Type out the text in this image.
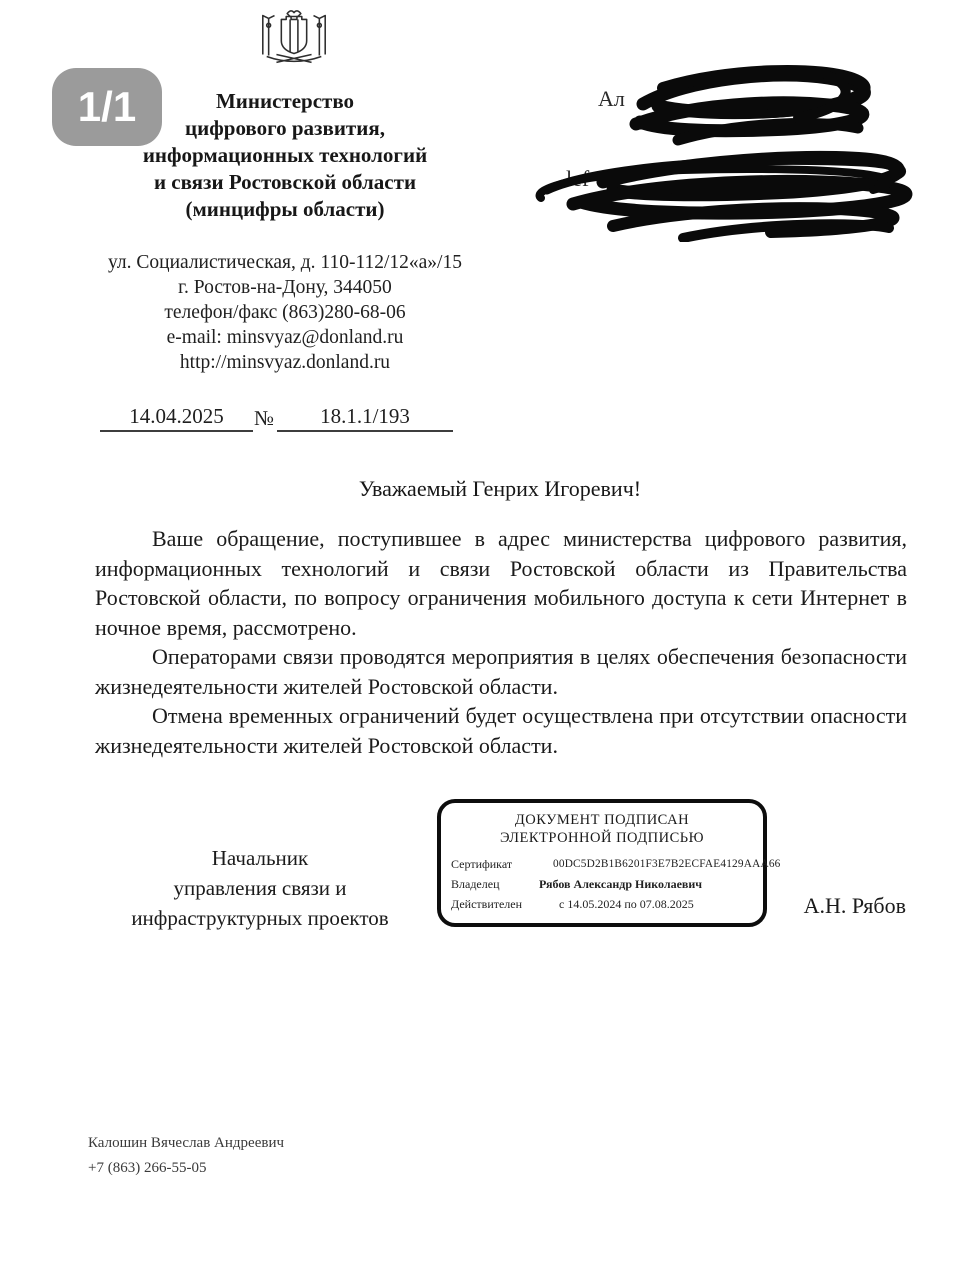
1/1	Министерство
цифрового развития,
информационных технологий
и связи Ростовской области
(минцифры области)
ул. Социалистическая, д. 110-112/12«а»/15
г. Ростов-на-Дону, 344050
телефон/факс (863)280-68-06
e-mail: minsvyaz@donland.ru
http://minsvyaz.donland.ru
Ал
lef	om
14.04.2025	№	18.1.1/193
Уважаемый Генрих Игоревич!

Ваше обращение, поступившее в адрес министерства цифрового развития, информационных технологий и связи Ростовской области из Правительства Ростовской области, по вопросу ограничения мобильного доступа к сети Интернет в ночное время, рассмотрено.

Операторами связи проводятся мероприятия в целях обеспечения безопасности жизнедеятельности жителей Ростовской области.

Отмена временных ограничений будет осуществлена при отсутствии опасности жизнедеятельности жителей Ростовской области.

Начальник
управления связи и
инфраструктурных проектов
ДОКУМЕНТ ПОДПИСАН
ЭЛЕКТРОННОЙ ПОДПИСЬЮ
Сертификат	00DC5D2B1B6201F3E7B2ECFAE4129AAA66
Владелец	Рябов Александр Николаевич
Действителен	с 14.05.2024 по 07.08.2025	А.Н. Рябов
Калошин Вячеслав Андреевич
+7 (863) 266-55-05
